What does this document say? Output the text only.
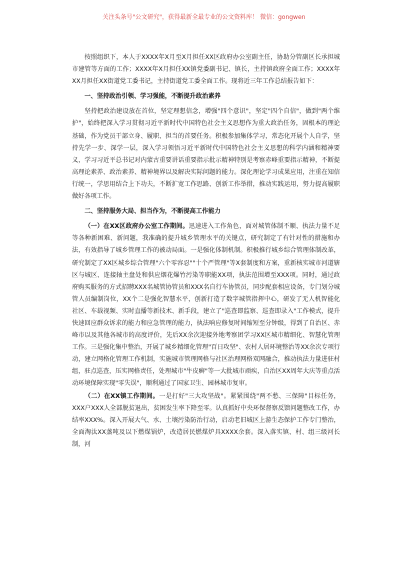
关注头条号"公文研究"，获得最新全最专业的公文资料库！ 微信：gongwen

按照组织下，本人于XXXX年X月至X月担任XX区政府办公室副主任，协助分管副区长承担城市建管等方面的工作；XXXX年X月担任XX镇党委副书记、镇长，主持镇政府全面工作；XXXX年XX月担任XX街道党工委书记，主持街道党工委全面工作。现将近三年工作总结报告如下：

一、坚持政治引领、学习强能，不断提升政治素养

坚持把政治建设放在首位，坚定理想信念，增强"四个意识"，坚定"四个自信"，做到"两个维护"，始终把深入学习贯彻习近平新时代中国特色社会主义思想作为重大政治任务，固根本的理论基础，作为党员干部立身、履职、担当的首要任务。积极参加集体学习，常态化开展个人自学，坚持先学一步、深学一层，深入学习领悟习近平新时代中国特色社会主义思想的科学内涵和精神要义，学习习近平总书记对内蒙古重要讲话重要指示批示精神特别是考察赤峰重要指示精神，不断提高理论素养、政治素养、精神境界以及解决实际问题的能力。深化理论学习成果应用，注重在知信行统一，学思用结合上下功夫，不断扩宽工作思路、创新工作举措，推动实践运用，努力提高履职做好各项工作。

二、坚持服务大局、担当作为，不断提高工作能力

（一）在XX区政府办公室工作期间。迅速进入工作角色，面对城管体制不顺、执法力量不足等各种新困难、新问题，我准确的提升城乡管理水平的关键点，研究制定了有针对性的措施和办法，有效指导了城乡管理工作的被动局面。一是强化体制机制。积极推行城乡综合管理体制改革，研究制定了XX区城乡综合管理"六个零容忍""十个严管理"等X套制度和方案，重新核实城市河道辖区与城区、连接轴主盘处和供应烟花爆竹污染等职能XX项，执法范围增至XXX项。同时，通过政府购买服务的方式招聘XXX名城管协管员和XXX名自行车协管员，同步配套相应设备，专门划分城管人员编制岗位，XX个二是强化智慧水平，创新打造了数字城管指挥中心，研发了无人机智能化社区、车载视频、实时直播等新技术、新手段，建立了"巡查即监察、巡查即录入"工作模式，提升快速回应群众诉求的能力和应急管理的能力，执法响应修复时间缩短至分钟级，得到了自治区、赤峰市以及其他各城市的高度评价，先后XX余次迎接外地考察团学习XX区城市精细化、智慧化管理工作。三是强化集中整治，开展了城乡精细化管理"百日攻坚"、农村人居环境整治等XX余次专项行动，建立网格化管理工作机制，实施城市管理网格与社区治理网格双网融合，推动执法力量进驻村组，驻点巡查，压实网格责任，处理城市"牛皮癣"等一大批城市顽疾，自治区XX周年大庆等重点活动环境保障实现"零失误"，顺利通过了国家卫生、园林城市复审。

（二）在XX镇工作期间。一是打好"三大攻坚战"。紧紧围绕"两不愁、三保障"目标任务，XXX户XXX人全部脱贫退出，贫困发生率下降至零。认真抓好中央环保督察反馈问题整改工作，办结率XXX%。深入开展大气、水、土壤污染防治行动，启动老旧城区上游生态保护工作专门整治，全面淘汰XX蒸吨及以下燃煤锅炉，改造居民燃煤炉具XXXX余套。深入落实镇、村、组三级河长制，河
